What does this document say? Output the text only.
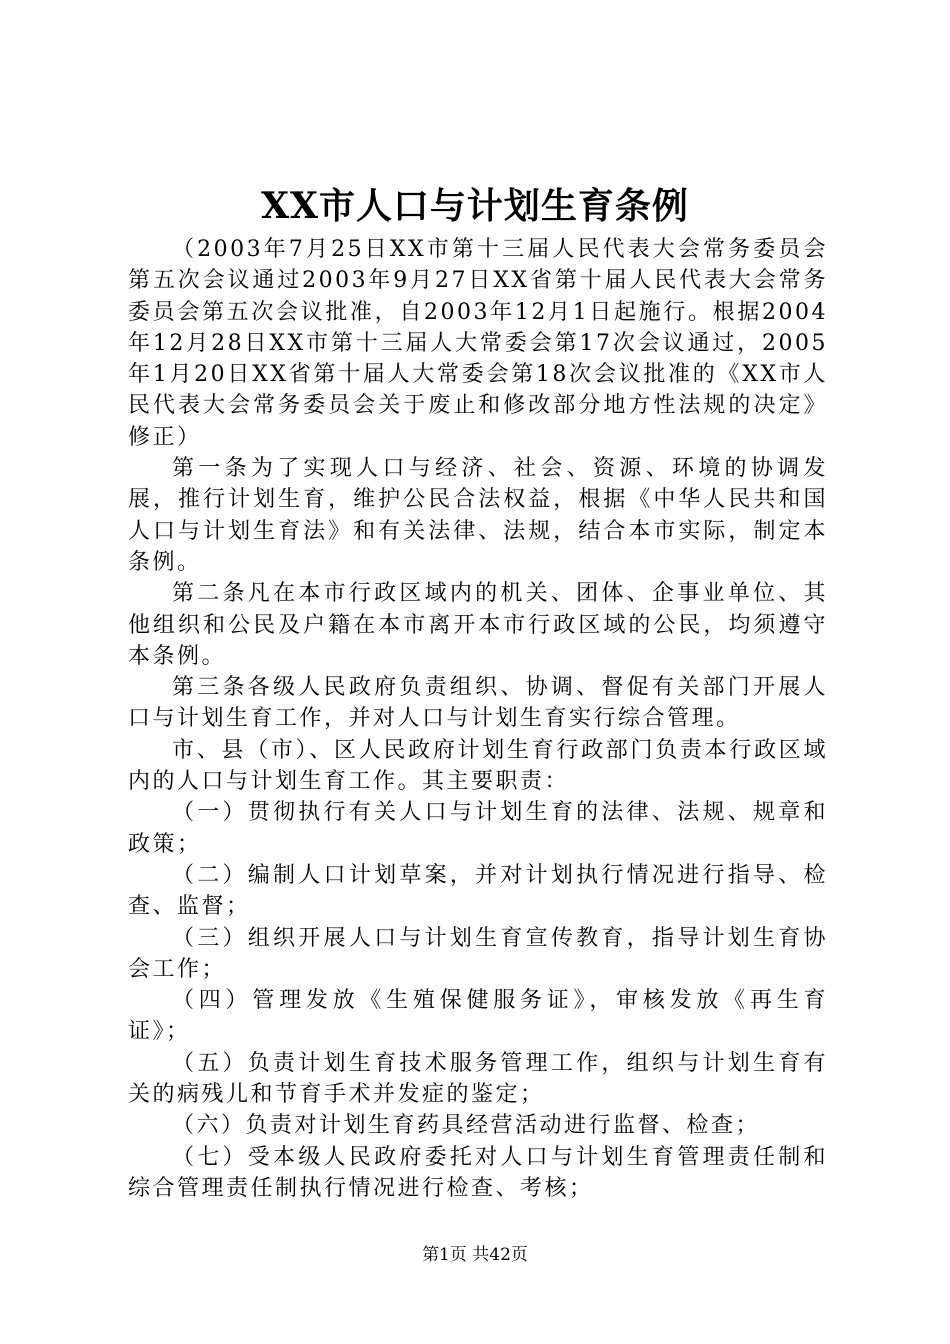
XX市人口与计划生育条例

（2003年7月25日XX市第十三届人民代表大会常务委员会第五次会议通过2003年9月27日XX省第十届人民代表大会常务委员会第五次会议批准，自2003年12月1日起施行。根据2004年12月28日XX市第十三届人大常委会第17次会议通过，2005年1月20日XX省第十届人大常委会第18次会议批准的《XX市人民代表大会常务委员会关于废止和修改部分地方性法规的决定》修正）

第一条为了实现人口与经济、社会、资源、环境的协调发展，推行计划生育，维护公民合法权益，根据《中华人民共和国人口与计划生育法》和有关法律、法规，结合本市实际，制定本条例。

第二条凡在本市行政区域内的机关、团体、企事业单位、其他组织和公民及户籍在本市离开本市行政区域的公民，均须遵守本条例。

第三条各级人民政府负责组织、协调、督促有关部门开展人口与计划生育工作，并对人口与计划生育实行综合管理。

市、县（市）、区人民政府计划生育行政部门负责本行政区域内的人口与计划生育工作。其主要职责：

（一）贯彻执行有关人口与计划生育的法律、法规、规章和政策；

（二）编制人口计划草案，并对计划执行情况进行指导、检查、监督；

（三）组织开展人口与计划生育宣传教育，指导计划生育协会工作；

（四）管理发放《生殖保健服务证》，审核发放《再生育证》；

（五）负责计划生育技术服务管理工作，组织与计划生育有关的病残儿和节育手术并发症的鉴定；

（六）负责对计划生育药具经营活动进行监督、检查；

（七）受本级人民政府委托对人口与计划生育管理责任制和综合管理责任制执行情况进行检查、考核；

第1页 共42页
